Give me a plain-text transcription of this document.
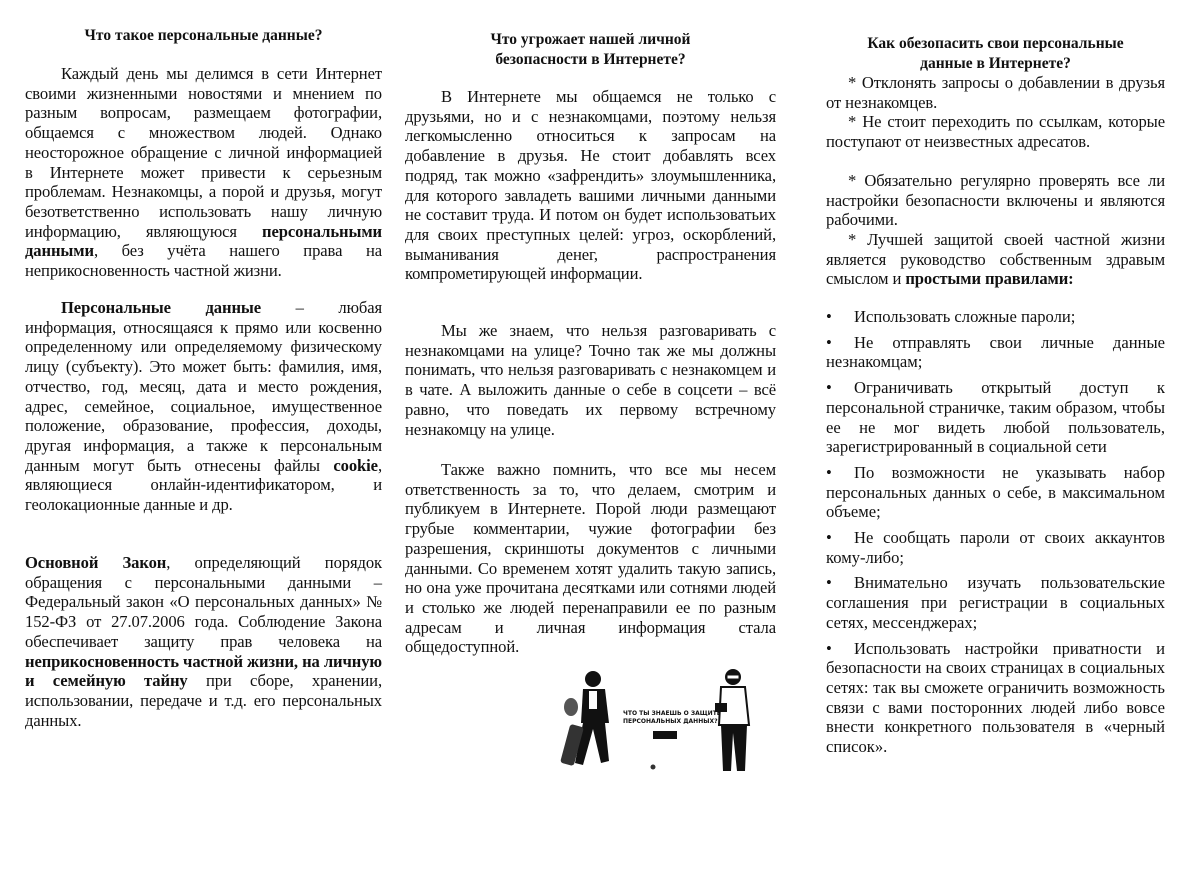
Что такое персональные данные?

Каждый день мы делимся в сети Интернет своими жизненными новостями и мнением по разным вопросам, размещаем фотографии, общаемся с множеством людей. Однако неосторожное обращение с личной информацией в Интернете может привести к серьезным проблемам. Незнакомцы, а порой и друзья, могут безответственно использовать нашу личную информацию, являющуюся персональными данными, без учёта нашего права на неприкосновенность частной жизни.

Персональные данные – любая информация, относящаяся к прямо или косвенно определенному или определяемому физическому лицу (субъекту). Это может быть: фамилия, имя, отчество, год, месяц, дата и место рождения, адрес, семейное, социальное, имущественное положение, образование, профессия, доходы, другая информация, а также к персональным данным могут быть отнесены файлы cookie, являющиеся онлайн-идентификатором, и геолокационные данные и др.

Основной Закон, определяющий порядок обращения с персональными данными – Федеральный закон «О персональных данных» № 152-ФЗ от 27.07.2006 года. Соблюдение Закона обеспечивает защиту прав человека на неприкосновенность частной жизни, на личную и семейную тайну при сборе, хранении, использовании, передаче и т.д. его персональных данных.

Что угрожает нашей личной
безопасности в Интернете?

В Интернете мы общаемся не только с друзьями, но и с незнакомцами, поэтому нельзя легкомысленно относиться к запросам на добавление в друзья. Не стоит добавлять всех подряд, так можно «зафрендить» злоумышленника, для которого завладеть вашими личными данными не составит труда. И потом он будет использоватьих для своих преступных целей: угроз, оскорблений, выманивания денег, распространения компрометирующей информации.

Мы же знаем, что нельзя разговаривать с незнакомцами на улице? Точно так же мы должны понимать, что нельзя разговаривать с незнакомцем и в чате. А выложить данные о себе в соцсети – всё равно, что поведать их первому встречному незнакомцу на улице.

Также важно помнить, что все мы несем ответственность за то, что делаем, смотрим и публикуем в Интернете. Порой люди размещают грубые комментарии, чужие фотографии без разрешения, скриншоты документов с личными данными. Со временем хотят удалить такую запись, но она уже прочитана десятками или сотнями людей и столько же людей перенаправили ее по разным адресам и личная информация стала общедоступной.

ЧТО ТЫ ЗНАЕШЬ О ЗАЩИТЕ ПЕРСОНАЛЬНЫХ ДАННЫХ?
Как обезопасить свои персональные
данные в Интернете?

* Отклонять запросы о добавлении в друзья от незнакомцев.

* Не стоит переходить по ссылкам, которые поступают от неизвестных адресатов.

* Обязательно регулярно проверять все ли настройки безопасности включены и являются рабочими.

* Лучшей защитой своей частной жизни является руководство собственным здравым смыслом и простыми правилами:

• Использовать сложные пароли;
• Не отправлять свои личные данные незнакомцам;
• Ограничивать открытый доступ к персональной страничке, таким образом, чтобы ее не мог видеть любой пользователь, зарегистрированный в социальной сети
• По возможности не указывать набор персональных данных о себе, в максимальном объеме;
• Не сообщать пароли от своих аккаунтов кому-либо;
• Внимательно изучать пользовательские соглашения при регистрации в социальных сетях, мессенджерах;
• Использовать настройки приватности и безопасности на своих страницах в социальных сетях: так вы сможете ограничить возможность связи с вами посторонних людей либо вовсе внести конкретного пользователя в «черный список».
